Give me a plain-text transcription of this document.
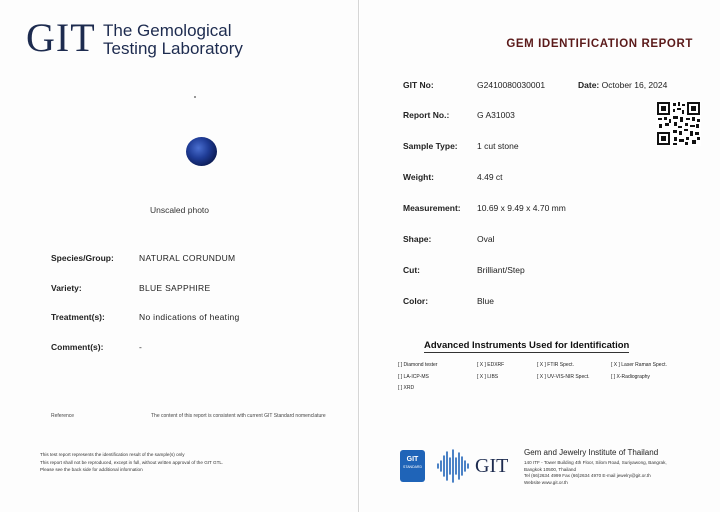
GIT The Gemological
Testing Laboratory
Unscaled photo
Species/Group:	NATURAL CORUNDUM
Variety:	BLUE SAPPHIRE
Treatment(s):	No indications of heating
Comment(s):	-
Reference	The content of this report is consistent with current GIT Standard nomenclature
This test report represents the identification result of the sample(s) only
This report shall not be reproduced, except in full, without written approval of the GIT GTL.
Please see the back side for additional information
GEM IDENTIFICATION REPORT
GIT No:	G2410080030001	Date: October 16, 2024
Report No.:	G A31003
Sample Type: 1 cut stone
Weight:	4.49 ct
Measurement: 10.69 x 9.49 x 4.70 mm
Shape:	Oval
Cut:	Brilliant/Step
Color:	Blue
Advanced Instruments Used for Identification
[ ] Diamond tester	[ X ] EDXRF	[ X ] FTIR Spect.	[ X ] Laser Raman Spect.
[ ] LA-ICP-MS	[ X ] LIBS	[ X ] UV-VIS-NIR Spect.	[ ] X-Radiography
[ ] XRD
GIT
STANDARD	GIT
Gem and Jewelry Institute of Thailand
140 ITF - Tower Building 4th Floor, Silom Road, Suriyawong, Bangrak,
Bangkok 10500, Thailand
Tel (66)2634 4999 Fax (66)2634 4970 E-mail jewelry@git.or.th
Website www.git.or.th
